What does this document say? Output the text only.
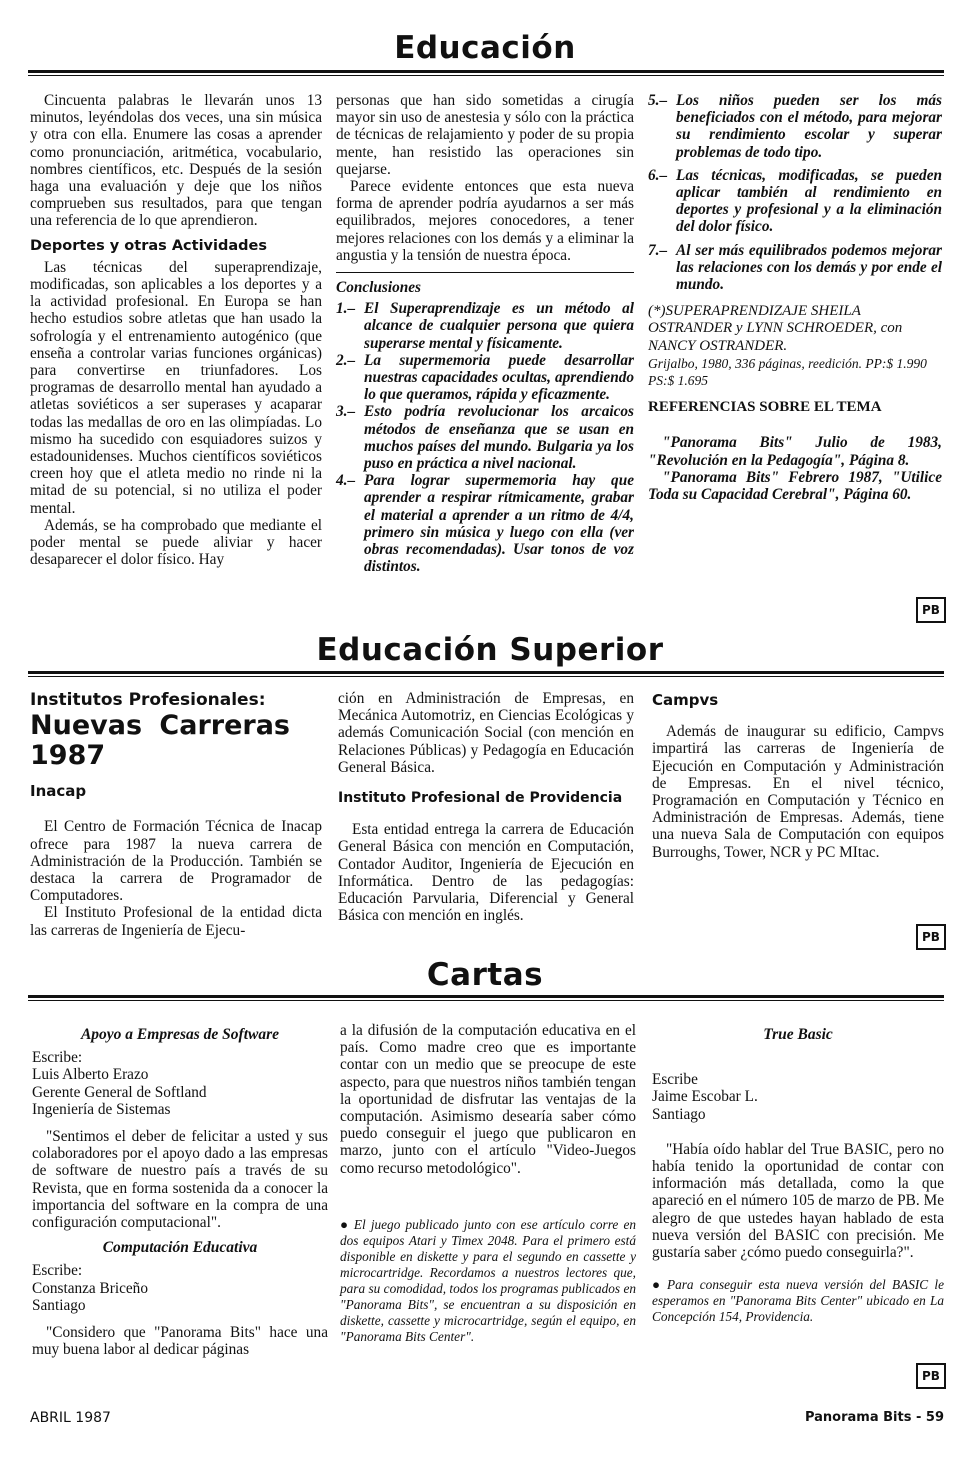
Educación

Cincuenta palabras le llevarán unos 13 minutos, leyéndolas dos veces, una sin música y otra con ella. Enumere las cosas a aprender como pronunciación, aritmética, vocabulario, nombres científicos, etc. Después de la sesión haga una evaluación y deje que los niños comprueben sus resultados, para que tengan una referencia de lo que aprendieron.

Deportes y otras Actividades

Las técnicas del superaprendizaje, modificadas, son aplicables a los deportes y a la actividad profesional. En Europa se han hecho estudios sobre atletas que han usado la sofrología y el entrenamiento autogénico (que enseña a controlar varias funciones orgánicas) para convertirse en triunfadores. Los programas de desarrollo mental han ayudado a atletas soviéticos a ser superases y acaparar todas las medallas de oro en las olimpíadas. Lo mismo ha sucedido con esquiadores suizos y estadounidenses. Muchos científicos soviéticos creen hoy que el atleta medio no rinde ni la mitad de su potencial, si no utiliza el poder mental.

Además, se ha comprobado que mediante el poder mental se puede aliviar y hacer desaparecer el dolor físico. Hay

personas que han sido sometidas a cirugía mayor sin uso de anestesia y sólo con la práctica de técnicas de relajamiento y poder de su propia mente, han resistido las operaciones sin quejarse.

Parece evidente entonces que esta nueva forma de aprender podría ayudarnos a ser más equilibrados, mejores conocedores, a tener mejores relaciones con los demás y a eliminar la angustia y la tensión de nuestra época.

Conclusiones
1.– El Superaprendizaje es un método al alcance de cualquier persona que quiera superarse mental y físicamente.
2.– La supermemoria puede desarrollar nuestras capacidades ocultas, aprendiendo lo que queramos, rápida y eficazmente.
3.– Esto podría revolucionar los arcaicos métodos de enseñanza que se usan en muchos países del mundo. Bulgaria ya los puso en práctica a nivel nacional.
4.– Para lograr supermemoria hay que aprender a respirar rítmicamente, grabar el material a aprender a un ritmo de 4/4, primero sin música y luego con ella (ver obras recomendadas). Usar tonos de voz distintos.
5.– Los niños pueden ser los más beneficiados con el método, para mejorar su rendimiento escolar y superar problemas de todo tipo.
6.– Las técnicas, modificadas, se pueden aplicar también al rendimiento en deportes y profesional y a la eliminación del dolor físico.
7.– Al ser más equilibrados podemos mejorar las relaciones con los demás y por ende el mundo.

(*)SUPERAPRENDIZAJE SHEILA OSTRANDER y LYNN SCHROEDER, con NANCY OSTRANDER.

Grijalbo, 1980, 336 páginas, reedición. PP:$ 1.990 PS:$ 1.695

REFERENCIAS SOBRE EL TEMA

"Panorama Bits" Julio de 1983, "Revolución en la Pedagogía", Página 8.

"Panorama Bits" Febrero 1987, "Utilice Toda su Capacidad Cerebral", Página 60.

PB
Educación Superior
Institutos Profesionales:
Nuevas Carreras 1987
Inacap

El Centro de Formación Técnica de Inacap ofrece para 1987 la nueva carrera de Administración de la Producción. También se destaca la carrera de Programador de Computadores.

El Instituto Profesional de la entidad dicta las carreras de Ingeniería de Ejecu-

ción en Administración de Empresas, en Mecánica Automotriz, en Ciencias Ecológicas y además Comunicación Social (con mención en Relaciones Públicas) y Pedagogía en Educación General Básica.

Instituto Profesional de Providencia

Esta entidad entrega la carrera de Educación General Básica con mención en Computación, Contador Auditor, Ingeniería de Ejecución en Informática. Dentro de las pedagogías: Educación Parvularia, Diferencial y General Básica con mención en inglés.

Campvs

Además de inaugurar su edificio, Campvs impartirá las carreras de Ingeniería de Ejecución en Computación y Administración de Empresas. En el nivel técnico, Programación en Computación y Técnico en Administración de Empresas. Además, tiene una nueva Sala de Computación con equipos Burroughs, Tower, NCR y PC MItac.

PB
Cartas
Apoyo a Empresas de Software
Escribe:
Luis Alberto Erazo
Gerente General de Softland
Ingeniería de Sistemas

"Sentimos el deber de felicitar a usted y sus colaboradores por el apoyo dado a las empresas de software de nuestro país a través de su Revista, que en forma sostenida da a conocer la importancia del software en la compra de una configuración computacional".

Computación Educativa
Escribe:
Constanza Briceño
Santiago

"Considero que "Panorama Bits" hace una muy buena labor al dedicar páginas

a la difusión de la computación educativa en el país. Como madre creo que es importante contar con un medio que se preocupe de este aspecto, para que nuestros niños también tengan la oportunidad de disfrutar las ventajas de la computación. Asimismo desearía saber cómo puedo conseguir el juego que publicaron en marzo, junto con el artículo "Video-Juegos como recurso metodológico".

● El juego publicado junto con ese artículo corre en dos equipos Atari y Timex 2048. Para el primero está disponible en diskette y para el segundo en cassette y microcartridge. Recordamos a nuestros lectores que, para su comodidad, todos los programas publicados en "Panorama Bits", se encuentran a su disposición en diskette, cassette y microcartridge, según el equipo, en "Panorama Bits Center".

True Basic
Escribe
Jaime Escobar L.
Santiago

"Había oído hablar del True BASIC, pero no había tenido la oportunidad de contar con información más detallada, como la que apareció en el número 105 de marzo de PB. Me alegro de que ustedes hayan hablado de esta nueva versión del BASIC con precisión. Me gustaría saber ¿cómo puedo conseguirla?".

● Para conseguir esta nueva versión del BASIC le esperamos en "Panorama Bits Center" ubicado en La Concepción 154, Providencia.

PB
ABRIL 1987	Panorama Bits - 59
